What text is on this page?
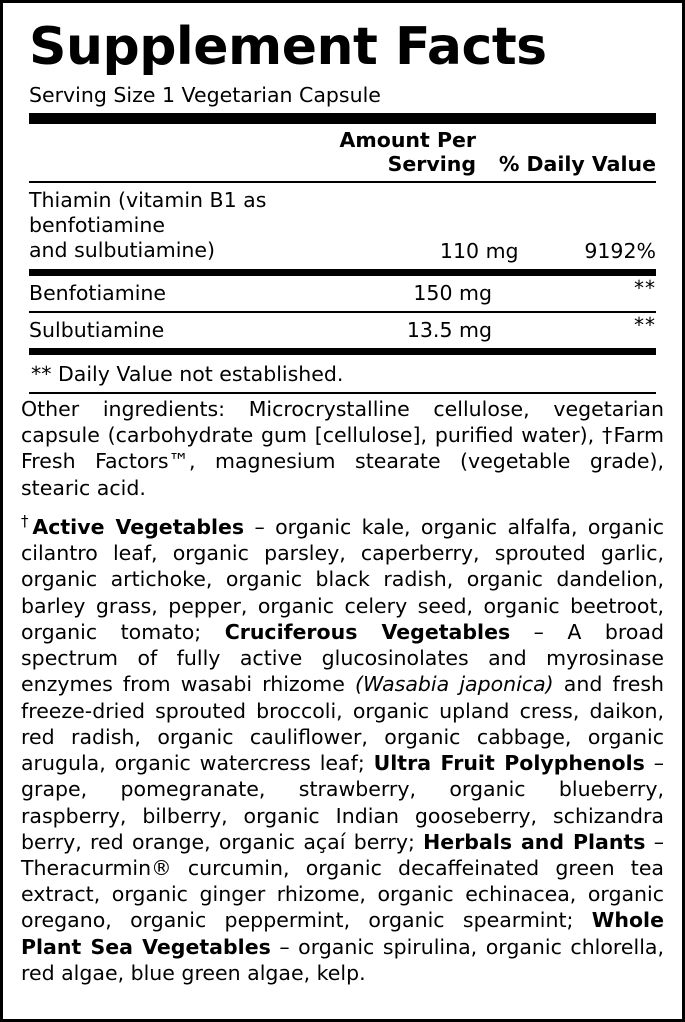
Supplement Facts
Serving Size 1 Vegetarian Capsule
Amount Per Serving	% Daily Value
Thiamin (vitamin B1 as benfotiamine
and sulbutiamine)	110 mg	9192%
Benfotiamine	150 mg	**
Sulbutiamine	13.5 mg	**
** Daily Value not established.
Other ingredients: Microcrystalline cellulose, vegetarian capsule (carbohydrate gum [cellulose], purified water), †Farm Fresh Factors™, magnesium stearate (vegetable grade), stearic acid.
†Active Vegetables – organic kale, organic alfalfa, organic cilantro leaf, organic parsley, caperberry, sprouted garlic, organic artichoke, organic black radish, organic dandelion, barley grass, pepper, organic celery seed, organic beetroot, organic tomato; Cruciferous Vegetables – A broad spectrum of fully active glucosinolates and myrosinase enzymes from wasabi rhizome (Wasabia japonica) and fresh freeze-dried sprouted broccoli, organic upland cress, daikon, red radish, organic cauliflower, organic cabbage, organic arugula, organic watercress leaf; Ultra Fruit Polyphenols – grape, pomegranate, strawberry, organic blueberry, raspberry, bilberry, organic Indian gooseberry, schizandra berry, red orange, organic açaí berry; Herbals and Plants – Theracurmin® curcumin, organic decaffeinated green tea extract, organic ginger rhizome, organic echinacea, organic oregano, organic peppermint, organic spearmint; Whole Plant Sea Vegetables – organic spirulina, organic chlorella, red algae, blue green algae, kelp.
